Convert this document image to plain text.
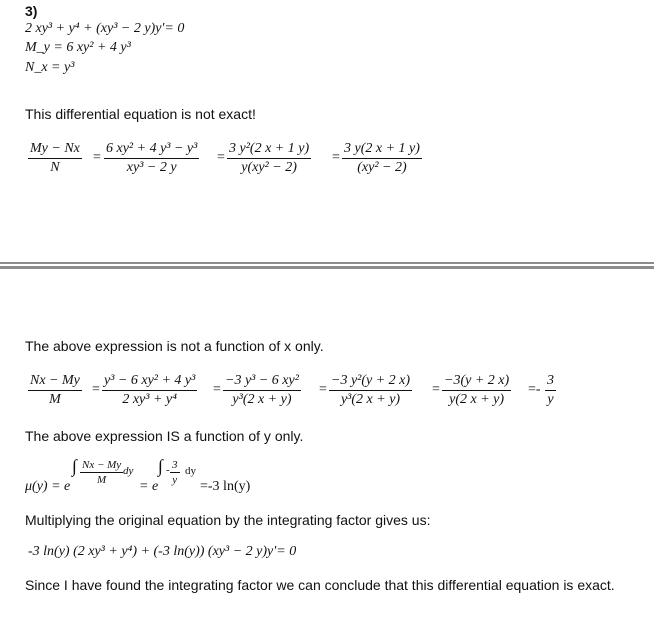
3)
2 xy³ + y⁴ + (xy³ − 2 y)y'= 0
M_y = 6 xy² + 4 y³
N_x = y³
This differential equation is not exact!
$\frac{My - Nx}{N} = \frac{\text{6 xy² + 4 y³ − y³}}{\text{xy³ − 2 y}} = \frac{\text{3 y²(2 x + 1 y)}}{\text{y(xy² − 2)}} = \frac{3 y(2 x + 1 y)}{\text{(xy² − 2)}}$
The above expression is not a function of x only.
$\frac{Nx - My}{M} = \frac{\text{y³ − 6 xy² + 4 y³}}{\text{2 xy³ + y⁴}} = \frac{\text{−3 y³ − 6 xy²}}{\text{y³(2 x + y)}} = \frac{\text{−3 y²(y + 2 x)}}{\text{y³(2 x + y)}} = \frac{-3(y + 2 x)}{y(2 x + y)} =- \frac{3}{y}$
The above expression IS a function of y only.
μ(y) = e
∫ $\frac{Nx - My}{M}$ dy
= e
∫ - $\frac{3}{y}$ dy
=-3 ln(y)
Multiplying the original equation by the integrating factor gives us:
-3 ln(y) (2 xy³ + y⁴) + (-3 ln(y)) (xy³ − 2 y)y'= 0
Since I have found the integrating factor we can conclude that this differential equation is exact.
